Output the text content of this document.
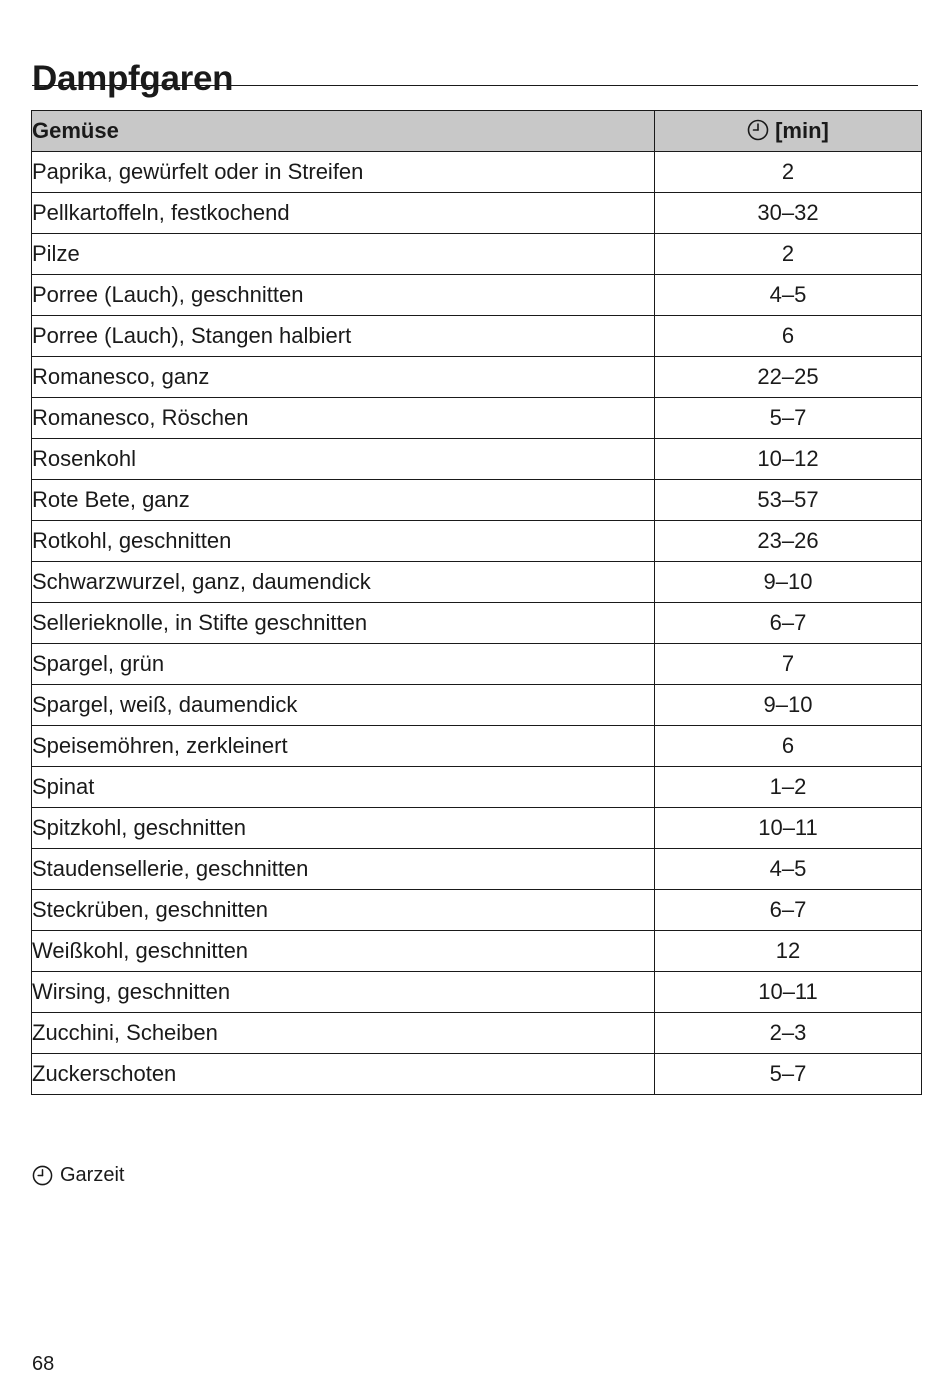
Dampfgaren
Gemüse	[min]
Paprika, gewürfelt oder in Streifen	2
Pellkartoffeln, festkochend	30–32
Pilze	2
Porree (Lauch), geschnitten	4–5
Porree (Lauch), Stangen halbiert	6
Romanesco, ganz	22–25
Romanesco, Röschen	5–7
Rosenkohl	10–12
Rote Bete, ganz	53–57
Rotkohl, geschnitten	23–26
Schwarzwurzel, ganz, daumendick	9–10
Sellerieknolle, in Stifte geschnitten	6–7
Spargel, grün	7
Spargel, weiß, daumendick	9–10
Speisemöhren, zerkleinert	6
Spinat	1–2
Spitzkohl, geschnitten	10–11
Staudensellerie, geschnitten	4–5
Steckrüben, geschnitten	6–7
Weißkohl, geschnitten	12
Wirsing, geschnitten	10–11
Zucchini, Scheiben	2–3
Zuckerschoten	5–7
Garzeit
68
